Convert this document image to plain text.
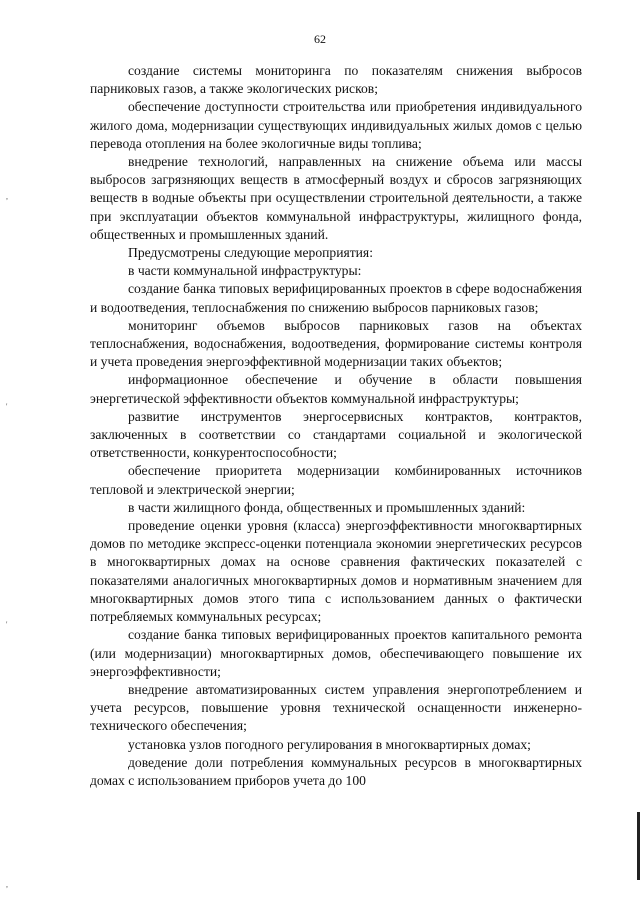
62

создание системы мониторинга по показателям снижения выбросов парниковых газов, а также экологических рисков;

обеспечение доступности строительства или приобретения индивидуального жилого дома, модернизации существующих индивидуальных жилых домов с целью перевода отопления на более экологичные виды топлива;

внедрение технологий, направленных на снижение объема или массы выбросов загрязняющих веществ в атмосферный воздух и сбросов загрязняющих веществ в водные объекты при осуществлении строительной деятельности, а также при эксплуатации объектов коммунальной инфраструктуры, жилищного фонда, общественных и промышленных зданий.

Предусмотрены следующие мероприятия:

в части коммунальной инфраструктуры:

создание банка типовых верифицированных проектов в сфере водоснабжения и водоотведения, теплоснабжения по снижению выбросов парниковых газов;

мониторинг объемов выбросов парниковых газов на объектах теплоснабжения, водоснабжения, водоотведения, формирование системы контроля и учета проведения энергоэффективной модернизации таких объектов;

информационное обеспечение и обучение в области повышения энергетической эффективности объектов коммунальной инфраструктуры;

развитие инструментов энергосервисных контрактов, контрактов, заключенных в соответствии со стандартами социальной и экологической ответственности, конкурентоспособности;

обеспечение приоритета модернизации комбинированных источников тепловой и электрической энергии;

в части жилищного фонда, общественных и промышленных зданий:

проведение оценки уровня (класса) энергоэффективности многоквартирных домов по методике экспресс-оценки потенциала экономии энергетических ресурсов в многоквартирных домах на основе сравнения фактических показателей с показателями аналогичных многоквартирных домов и нормативным значением для многоквартирных домов этого типа с использованием данных о фактически потребляемых коммунальных ресурсах;

создание банка типовых верифицированных проектов капитального ремонта (или модернизации) многоквартирных домов, обеспечивающего повышение их энергоэффективности;

внедрение автоматизированных систем управления энергопотреблением и учета ресурсов, повышение уровня технической оснащенности инженерно-технического обеспечения;

установка узлов погодного регулирования в многоквартирных домах;

доведение доли потребления коммунальных ресурсов в многоквартирных домах с использованием приборов учета до 100

,
'
'
,
